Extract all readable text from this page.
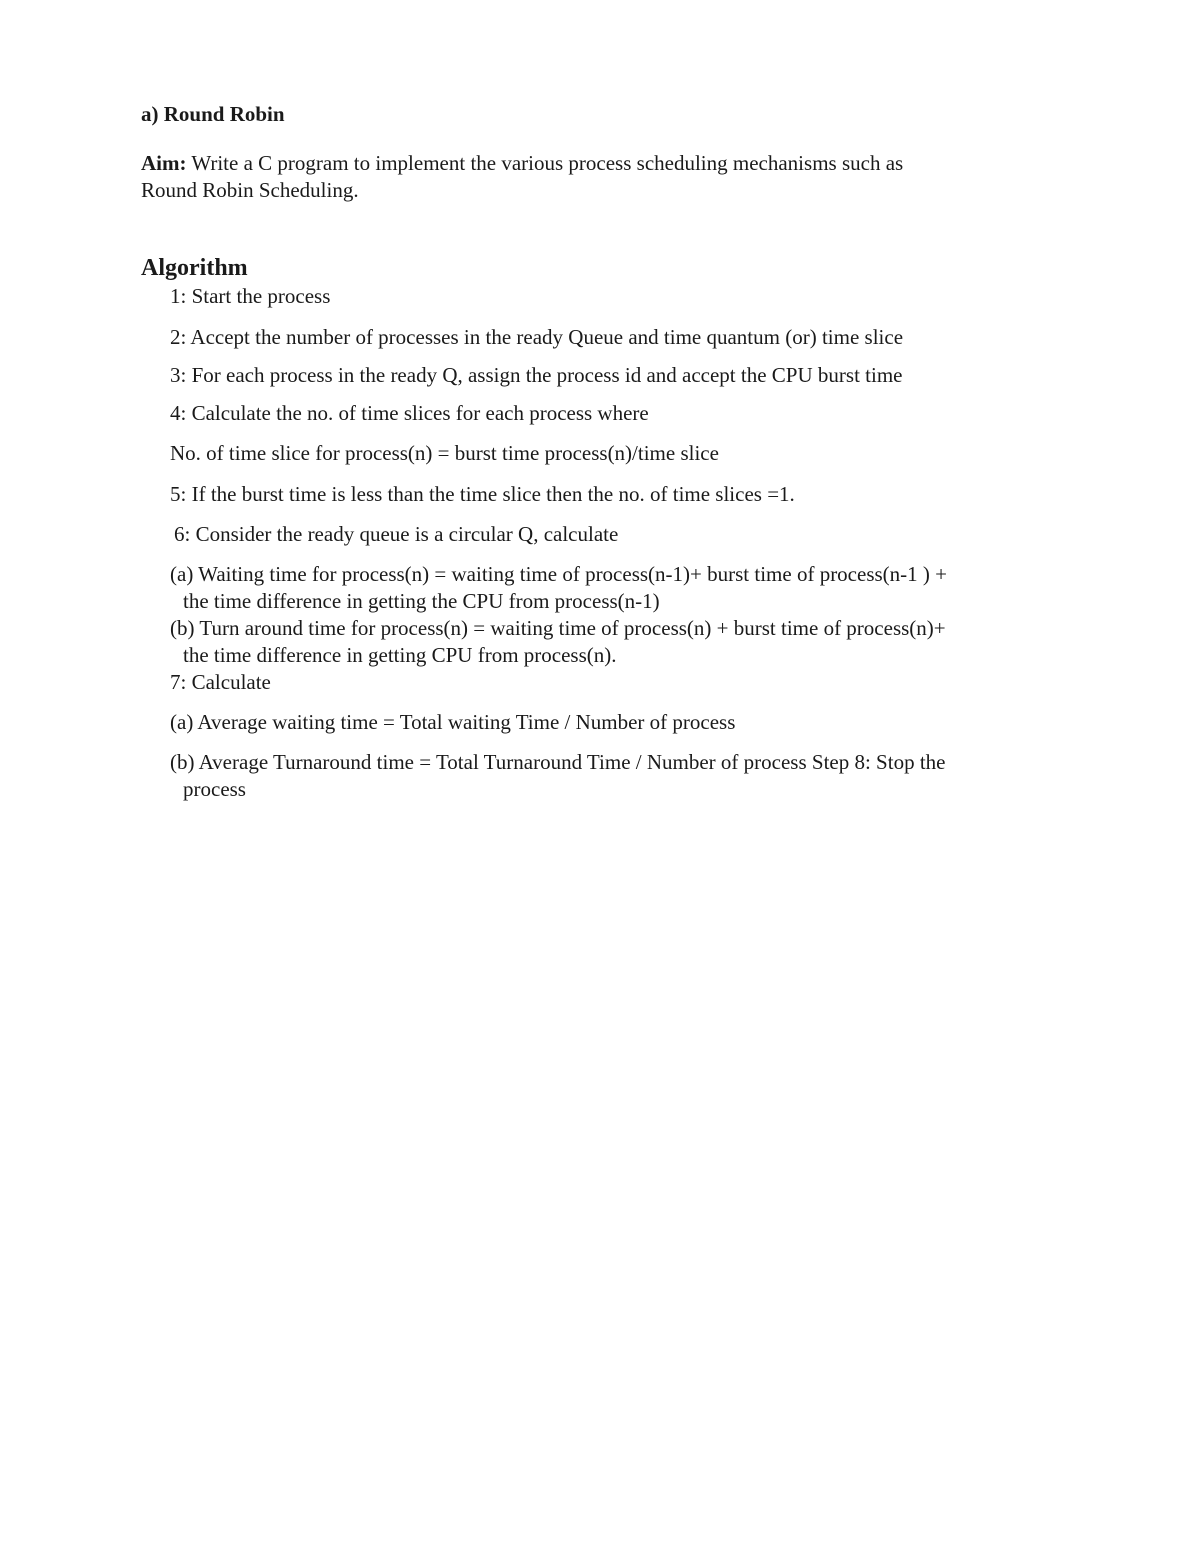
a) Round Robin
Aim: Write a C program to implement the various process scheduling mechanisms such as
Round Robin Scheduling.
Algorithm
1: Start the process
2: Accept the number of processes in the ready Queue and time quantum (or) time slice
3: For each process in the ready Q, assign the process id and accept the CPU burst time
4: Calculate the no. of time slices for each process where
No. of time slice for process(n) = burst time process(n)/time slice
5: If the burst time is less than the time slice then the no. of time slices =1.
6: Consider the ready queue is a circular Q, calculate
(a) Waiting time for process(n) = waiting time of process(n-1)+ burst time of process(n-1 ) +
the time difference in getting the CPU from process(n-1)
(b) Turn around time for process(n) = waiting time of process(n) + burst time of process(n)+
the time difference in getting CPU from process(n).
7: Calculate
(a) Average waiting time = Total waiting Time / Number of process
(b) Average Turnaround time = Total Turnaround Time / Number of process Step 8: Stop the
process
